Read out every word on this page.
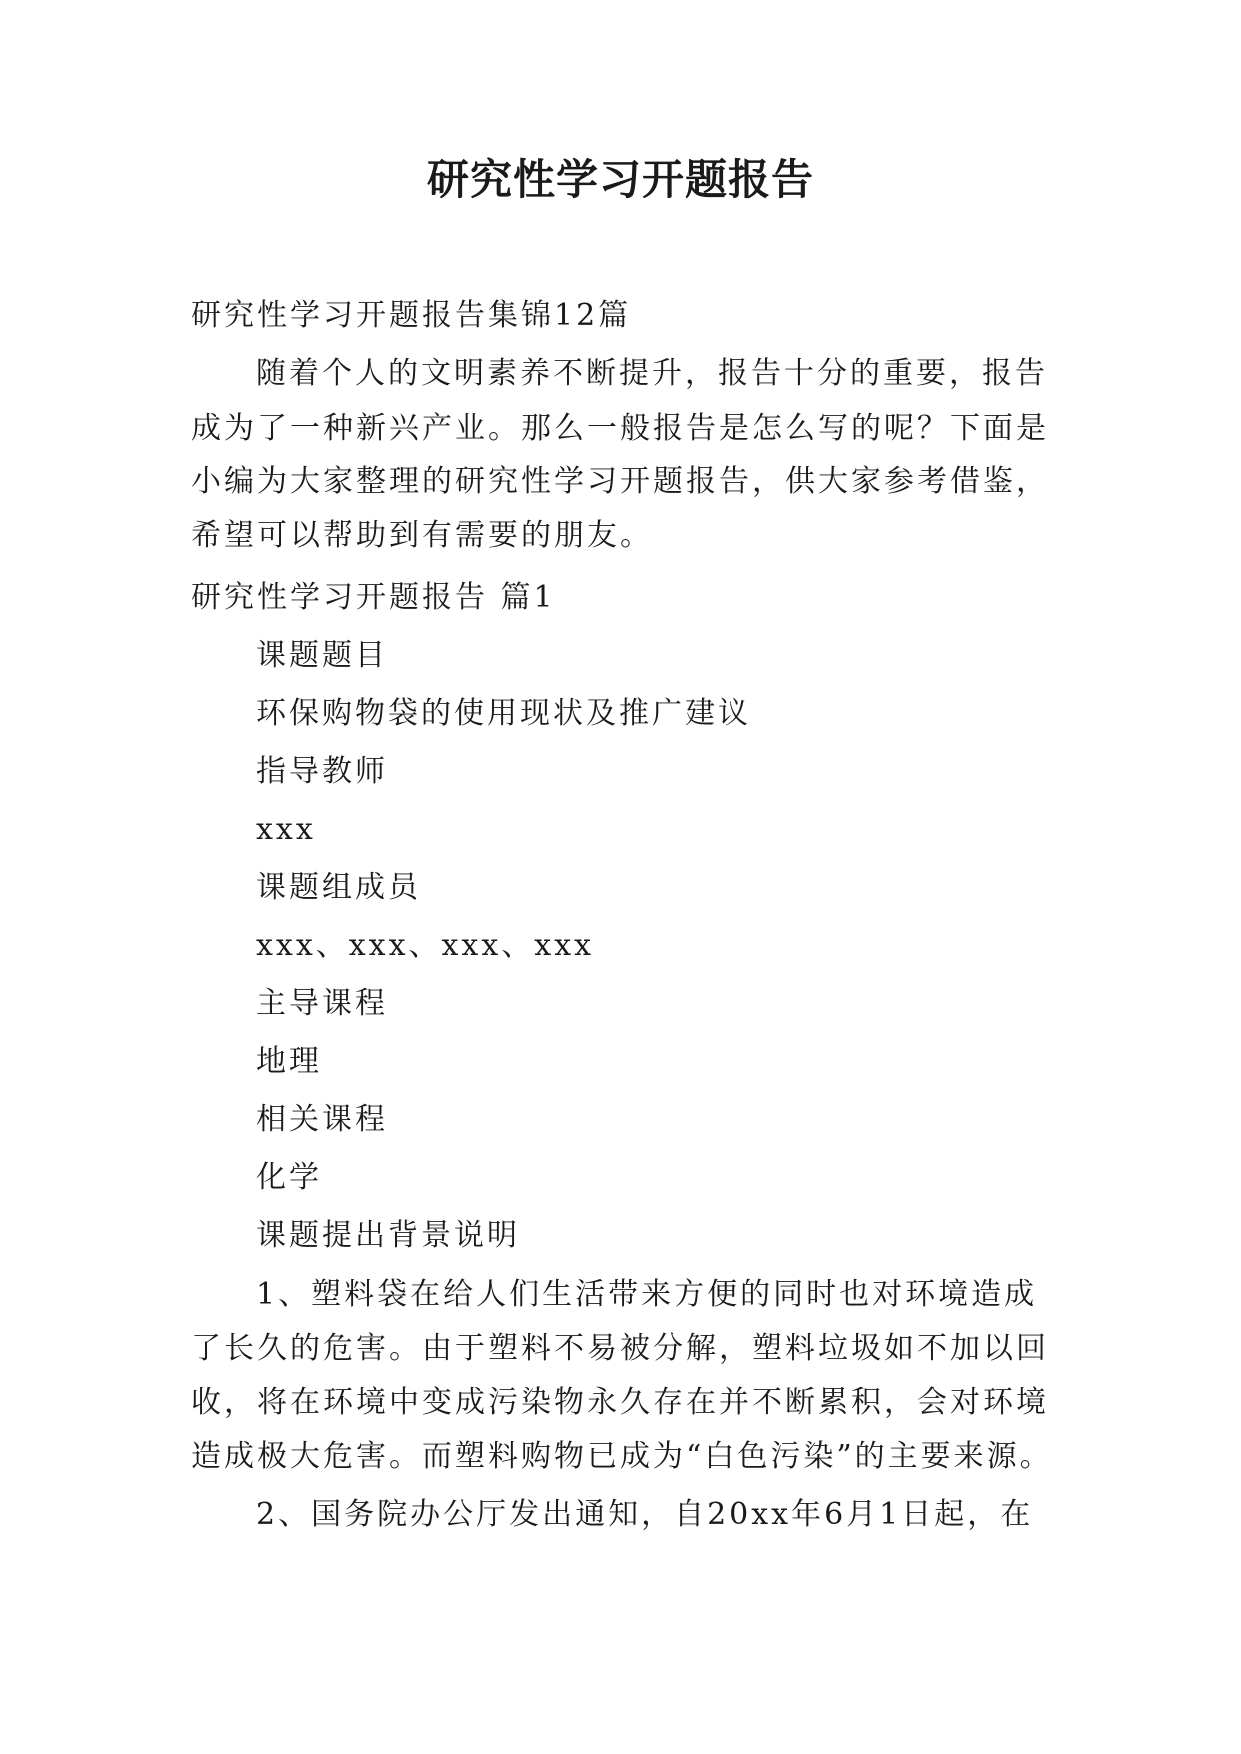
研究性学习开题报告
研究性学习开题报告集锦12篇
随着个人的文明素养不断提升，报告十分的重要，报告
成为了一种新兴产业。那么一般报告是怎么写的呢？下面是
小编为大家整理的研究性学习开题报告，供大家参考借鉴，
希望可以帮助到有需要的朋友。
研究性学习开题报告 篇1
课题题目
环保购物袋的使用现状及推广建议
指导教师
xxx
课题组成员
xxx、xxx、xxx、xxx
主导课程
地理
相关课程
化学
课题提出背景说明
1、塑料袋在给人们生活带来方便的同时也对环境造成
了长久的危害。由于塑料不易被分解，塑料垃圾如不加以回
收，将在环境中变成污染物永久存在并不断累积，会对环境
造成极大危害。而塑料购物已成为“白色污染”的主要来源。
2、国务院办公厅发出通知，自20xx年6月1日起，在
